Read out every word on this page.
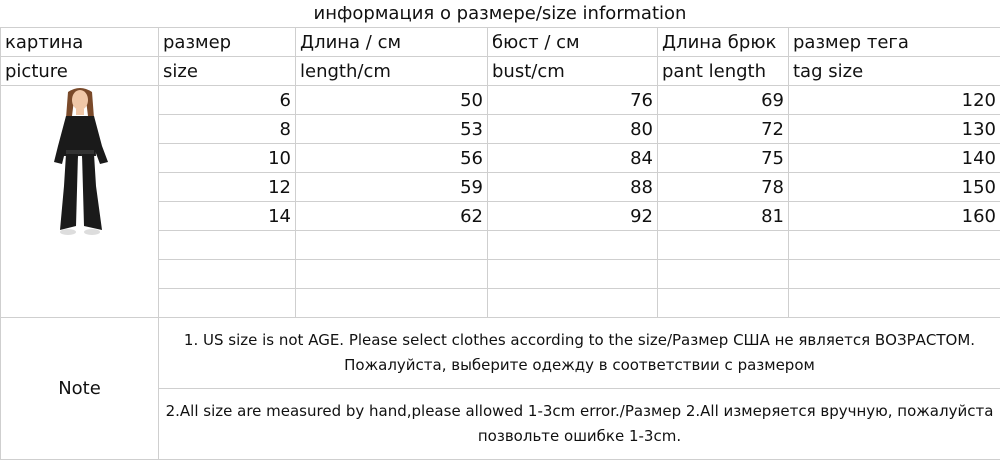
информация о размере/size information
картина	размер	Длина / см	бюст / см	Длина брюк	размер тега
picture	size	length/cm	bust/cm	pant length	tag size
	6	50	76	69	120
	8	53	80	72	130
	10	56	84	75	140
	12	59	88	78	150
	14	62	92	81	160

Note	1. US size is not AGE. Please select clothes according to the size/Размер США не является ВОЗРАСТОМ. Пожалуйста, выберите одежду в соответствии с размером
2.All size are measured by hand,please allowed 1-3cm error./Размер 2.All измеряется вручную, пожалуйста позвольте ошибке 1-3cm.
